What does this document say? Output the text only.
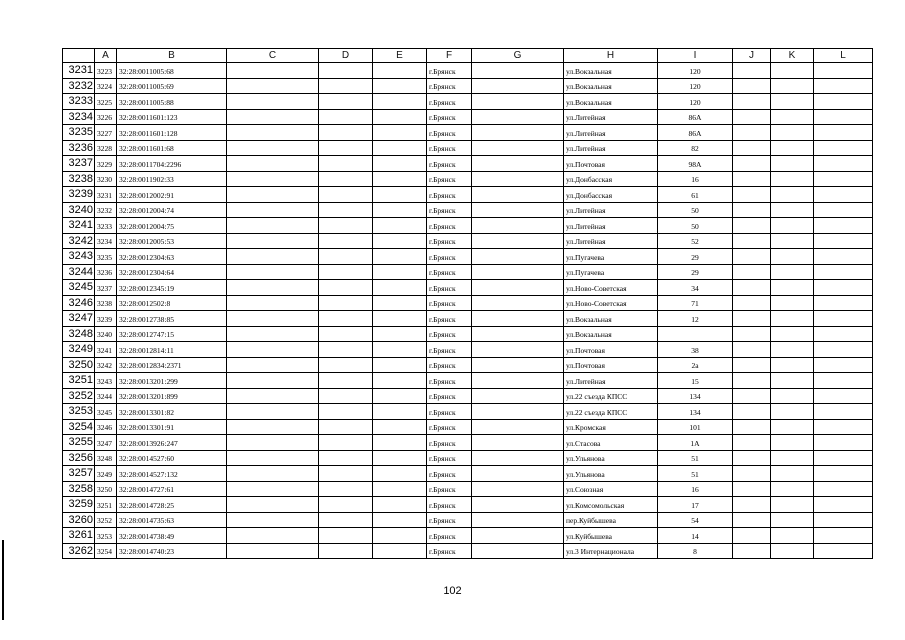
	A	B	C	D	E	F	G	H	I	J	K	L
3231	3223	32:28:0011005:68				г.Брянск		ул.Вокзальная	120			
3232	3224	32:28:0011005:69				г.Брянск		ул.Вокзальная	120			
3233	3225	32:28:0011005:88				г.Брянск		ул.Вокзальная	120			
3234	3226	32:28:0011601:123				г.Брянск		ул.Литейная	86А			
3235	3227	32:28:0011601:128				г.Брянск		ул.Литейная	86А			
3236	3228	32:28:0011601:68				г.Брянск		ул.Литейная	82			
3237	3229	32:28:0011704:2296				г.Брянск		ул.Почтовая	98А			
3238	3230	32:28:0011902:33				г.Брянск		ул.Донбасская	16			
3239	3231	32:28:0012002:91				г.Брянск		ул.Донбасская	61			
3240	3232	32:28:0012004:74				г.Брянск		ул.Литейная	50			
3241	3233	32:28:0012004:75				г.Брянск		ул.Литейная	50			
3242	3234	32:28:0012005:53				г.Брянск		ул.Литейная	52			
3243	3235	32:28:0012304:63				г.Брянск		ул.Пугачева	29			
3244	3236	32:28:0012304:64				г.Брянск		ул.Пугачева	29			
3245	3237	32:28:0012345:19				г.Брянск		ул.Ново-Советская	34			
3246	3238	32:28:0012502:8				г.Брянск		ул.Ново-Советская	71			
3247	3239	32:28:0012738:85				г.Брянск		ул.Вокзальная	12			
3248	3240	32:28:0012747:15				г.Брянск		ул.Вокзальная				
3249	3241	32:28:0012814:11				г.Брянск		ул.Почтовая	38			
3250	3242	32:28:0012834:2371				г.Брянск		ул.Почтовая	2а			
3251	3243	32:28:0013201:299				г.Брянск		ул.Литейная	15			
3252	3244	32:28:0013201:899				г.Брянск		ул.22 съезда КПСС	134			
3253	3245	32:28:0013301:82				г.Брянск		ул.22 съезда КПСС	134			
3254	3246	32:28:0013301:91				г.Брянск		ул.Кромская	101			
3255	3247	32:28:0013926:247				г.Брянск		ул.Стасова	1А			
3256	3248	32:28:0014527:60				г.Брянск		ул.Ульянова	51			
3257	3249	32:28:0014527:132				г.Брянск		ул.Ульянова	51			
3258	3250	32:28:0014727:61				г.Брянск		ул.Союзная	16			
3259	3251	32:28:0014728:25				г.Брянск		ул.Комсомольская	17			
3260	3252	32:28:0014735:63				г.Брянск		пер.Куйбышева	54			
3261	3253	32:28:0014738:49				г.Брянск		ул.Куйбышева	14			
3262	3254	32:28:0014740:23				г.Брянск		ул.3 Интернационала	8			
102
